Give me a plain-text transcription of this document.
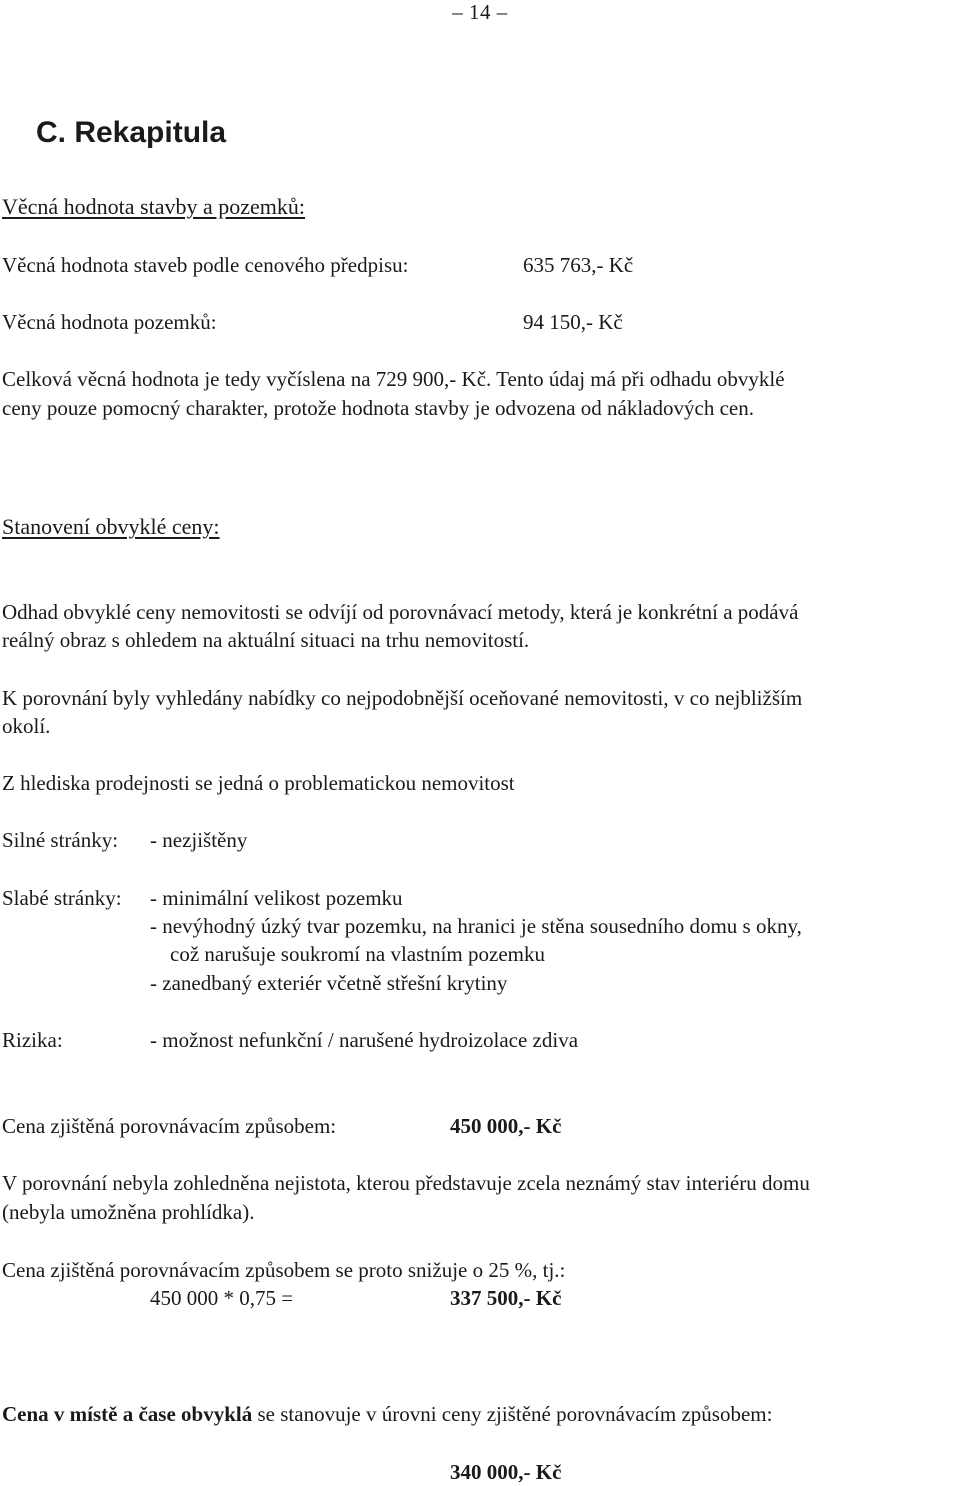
– 14 –
C. Rekapitula
Věcná hodnota stavby a pozemků:
Věcná hodnota staveb podle cenového předpisu:	635 763,- Kč
Věcná hodnota pozemků:	94 150,- Kč
Celková věcná hodnota je tedy vyčíslena na 729 900,- Kč. Tento údaj má při odhadu obvyklé
ceny pouze pomocný charakter, protože hodnota stavby je odvozena od nákladových cen.
Stanovení obvyklé ceny:
Odhad obvyklé ceny nemovitosti se odvíjí od porovnávací metody, která je konkrétní a podává
reálný obraz s ohledem na aktuální situaci na trhu nemovitostí.
K porovnání byly vyhledány nabídky co nejpodobnější oceňované nemovitosti, v co nejbližším
okolí.
Z hlediska prodejnosti se jedná o problematickou nemovitost
Silné stránky: - nezjištěny
Slabé stránky: - minimální velikost pozemku
- nevýhodný úzký tvar pozemku, na hranici je stěna sousedního domu s okny,
což narušuje soukromí na vlastním pozemku
- zanedbaný exteriér včetně střešní krytiny
Rizika:	- možnost nefunkční / narušené hydroizolace zdiva
Cena zjištěná porovnávacím způsobem:	450 000,- Kč
V porovnání nebyla zohledněna nejistota, kterou představuje zcela neznámý stav interiéru domu
(nebyla umožněna prohlídka).
Cena zjištěná porovnávacím způsobem se proto snižuje o 25 %, tj.:
450 000 * 0,75 =	337 500,- Kč
Cena v místě a čase obvyklá se stanovuje v úrovni ceny zjištěné porovnávacím způsobem:
340 000,- Kč
